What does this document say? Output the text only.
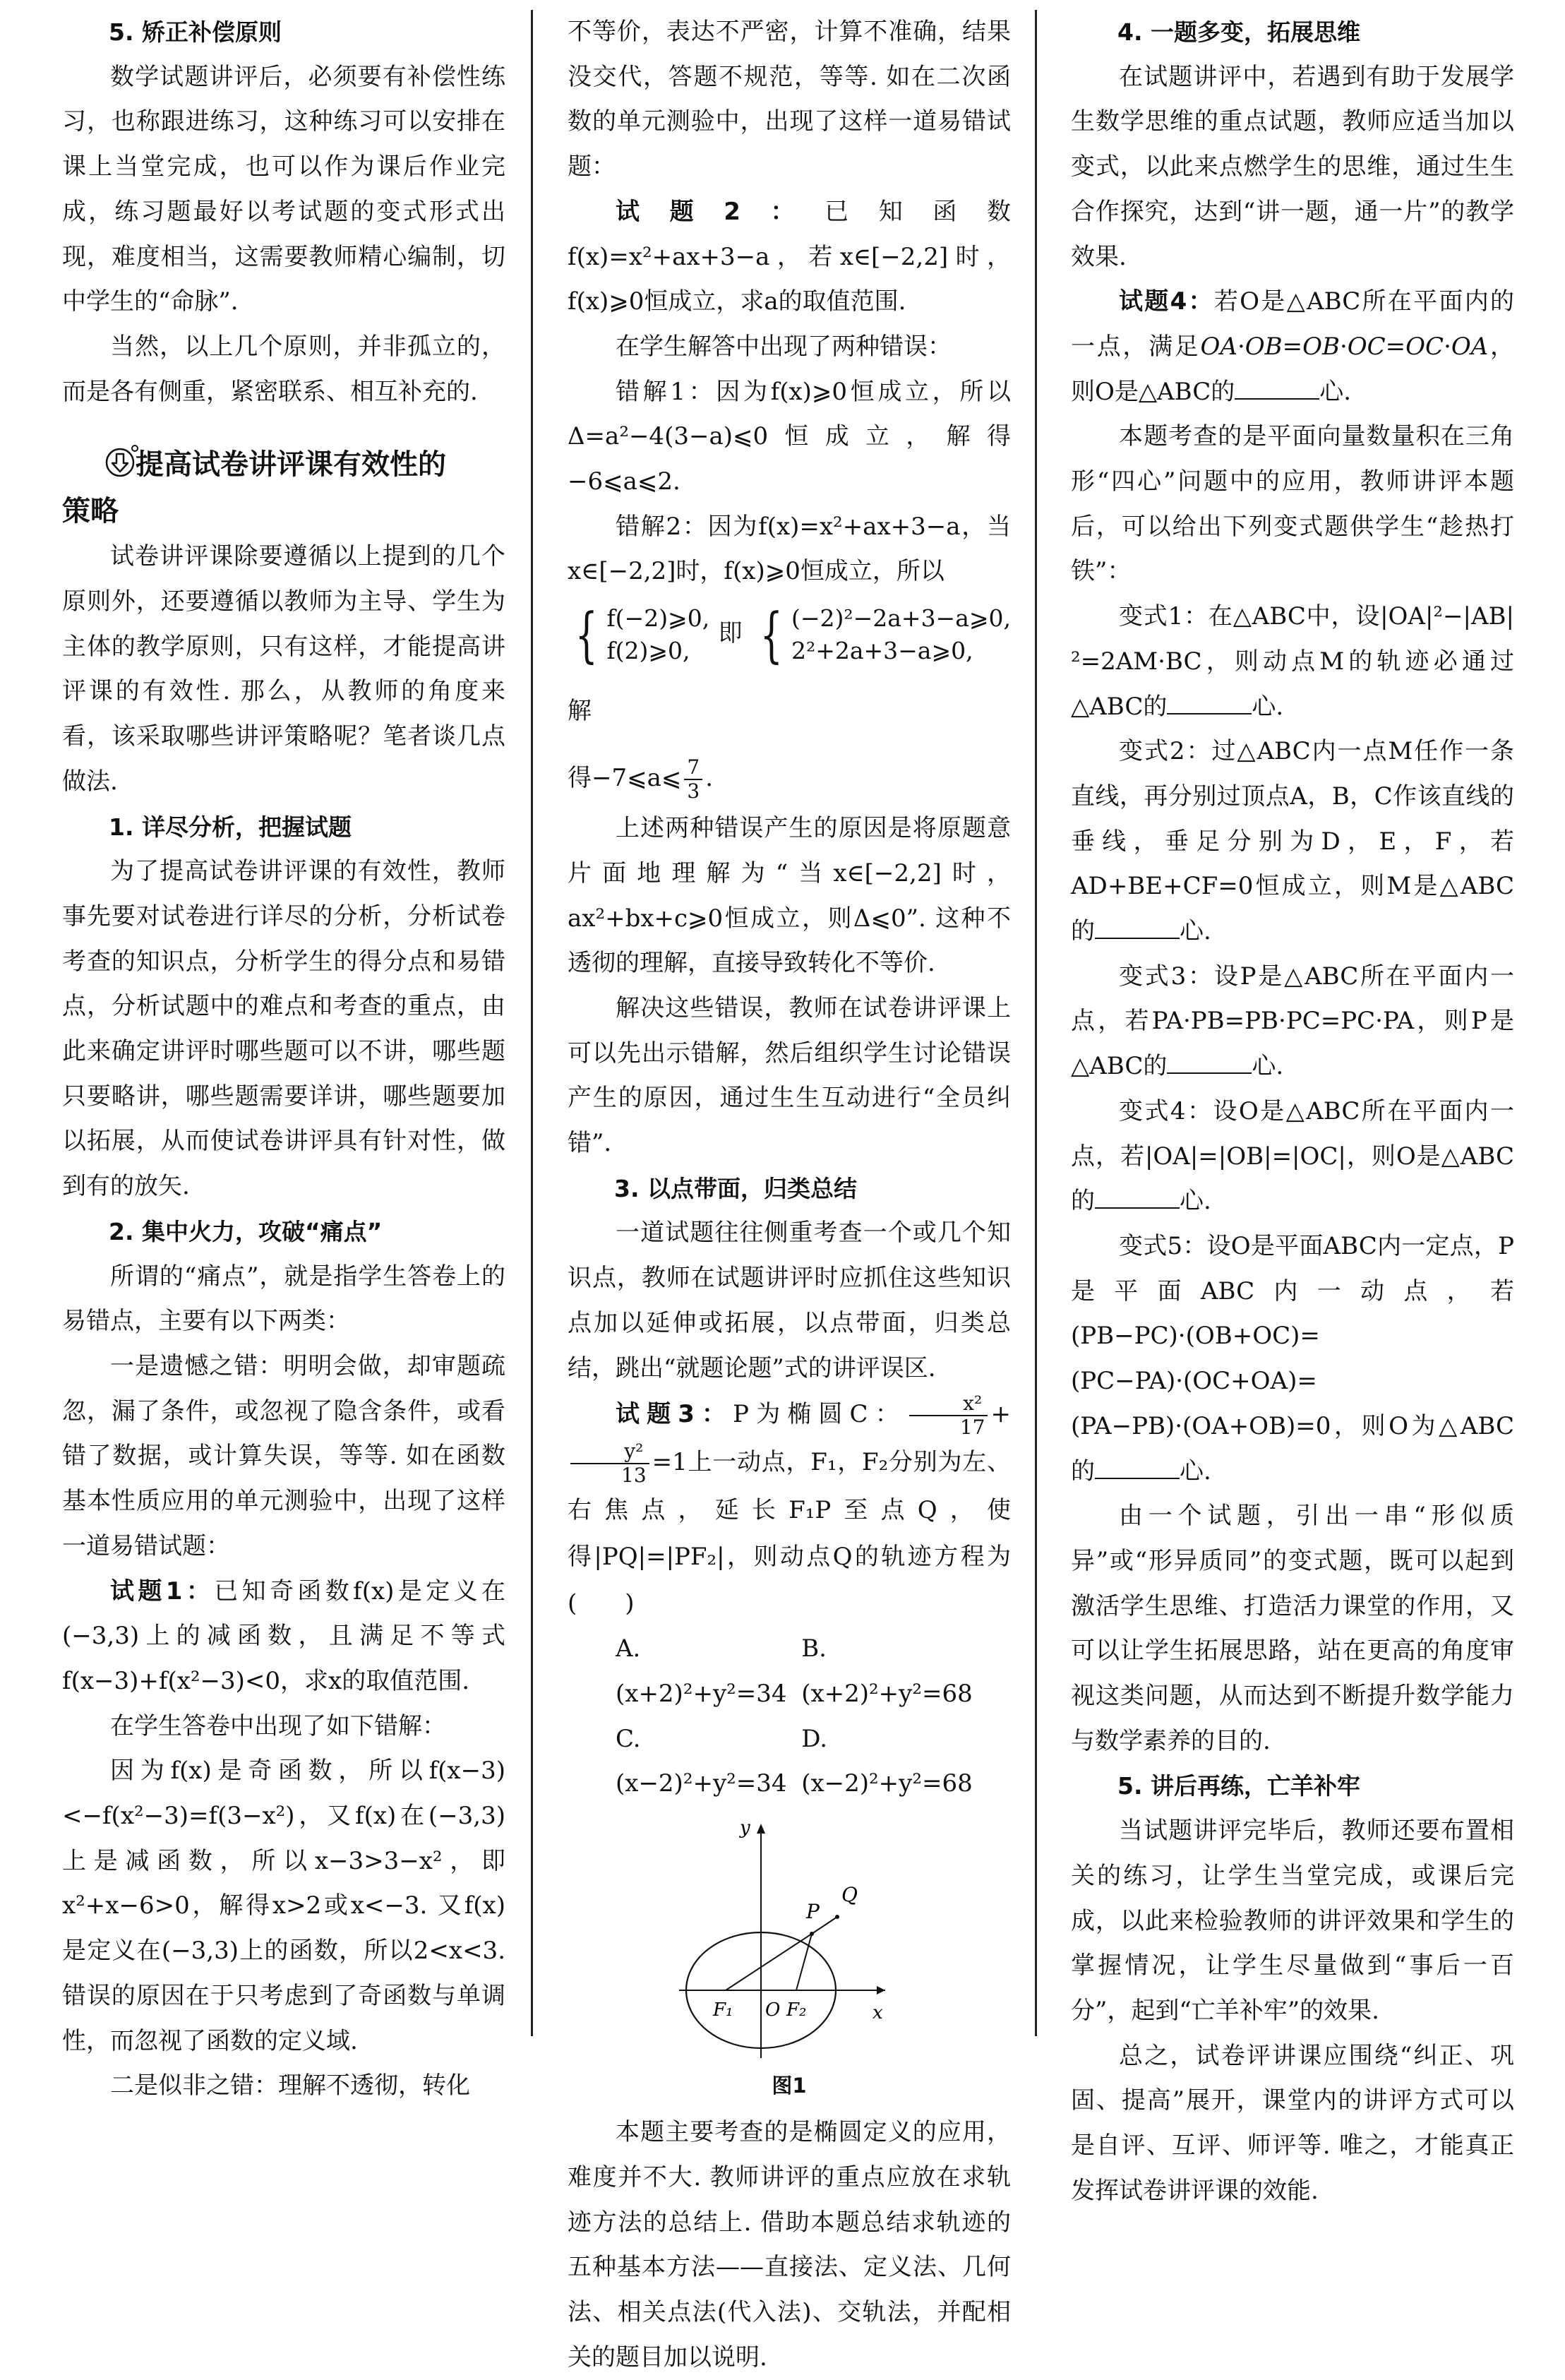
5. 矫正补偿原则

数学试题讲评后，必须要有补偿性练习，也称跟进练习，这种练习可以安排在课上当堂完成，也可以作为课后作业完成，练习题最好以考试题的变式形式出现，难度相当，这需要教师精心编制，切中学生的“命脉”.

当然，以上几个原则，并非孤立的，而是各有侧重，紧密联系、相互补充的.

提高试卷讲评课有效性的
策略

试卷讲评课除要遵循以上提到的几个原则外，还要遵循以教师为主导、学生为主体的教学原则，只有这样，才能提高讲评课的有效性. 那么，从教师的角度来看，该采取哪些讲评策略呢？笔者谈几点做法.

1. 详尽分析，把握试题

为了提高试卷讲评课的有效性，教师事先要对试卷进行详尽的分析，分析试卷考查的知识点，分析学生的得分点和易错点，分析试题中的难点和考查的重点，由此来确定讲评时哪些题可以不讲，哪些题只要略讲，哪些题需要详讲，哪些题要加以拓展，从而使试卷讲评具有针对性，做到有的放矢.

2. 集中火力，攻破“痛点”

所谓的“痛点”，就是指学生答卷上的易错点，主要有以下两类：

一是遗憾之错：明明会做，却审题疏忽，漏了条件，或忽视了隐含条件，或看错了数据，或计算失误，等等. 如在函数基本性质应用的单元测验中，出现了这样一道易错试题：

试题1：已知奇函数f(x)是定义在(−3,3)上的减函数，且满足不等式f(x−3)+f(x²−3)<0，求x的取值范围.

在学生答卷中出现了如下错解：

因为f(x)是奇函数，所以f(x−3)<−f(x²−3)=f(3−x²)，又f(x)在(−3,3)上是减函数，所以x−3>3−x²，即x²+x−6>0，解得x>2或x<−3. 又f(x)是定义在(−3,3)上的函数，所以2<x<3. 错误的原因在于只考虑到了奇函数与单调性，而忽视了函数的定义域.

二是似非之错：理解不透彻，转化

不等价，表达不严密，计算不准确，结果没交代，答题不规范，等等. 如在二次函数的单元测验中，出现了这样一道易错试题：

试题2：已知函数f(x)=x²+ax+3−a，若x∈[−2,2]时，f(x)⩾0恒成立，求a的取值范围.

在学生解答中出现了两种错误：

错解1：因为f(x)⩾0恒成立，所以Δ=a²−4(3−a)⩽0恒成立，解得−6⩽a⩽2.

错解2：因为f(x)=x²+ax+3−a，当x∈[−2,2]时，f(x)⩾0恒成立，所以

{ f(−2)⩾0,
f(2)⩾0,
即 { (−2)²−2a+3−a⩾0,
2²+2a+3−a⩾0,
解

得−7⩽a⩽ $\frac{7}{3}$ .

上述两种错误产生的原因是将原题意片面地理解为“当x∈[−2,2]时，ax²+bx+c⩾0恒成立，则Δ⩽0”. 这种不透彻的理解，直接导致转化不等价.

解决这些错误，教师在试卷讲评课上可以先出示错解，然后组织学生讨论错误产生的原因，通过生生互动进行“全员纠错”.

3. 以点带面，归类总结

一道试题往往侧重考查一个或几个知识点，教师在试题讲评时应抓住这些知识点加以延伸或拓展，以点带面，归类总结，跳出“就题论题”式的讲评误区.

试题3：P为椭圆C： $\frac{\text{x²}}{17}$ +
$\frac{\text{y²}}{13} =1$上一动点，F₁，F₂分别为左、右焦点，延长F₁P至点Q，使得|PQ|=|PF₂|，则动点Q的轨迹方程为(　　)

A. (x+2)²+y²=34B. (x+2)²+y²=68
C. (x−2)²+y²=34D. (x−2)²+y²=68
y
x
P
Q
O
F₁	F₂
图1

本题主要考查的是椭圆定义的应用，难度并不大. 教师讲评的重点应放在求轨迹方法的总结上. 借助本题总结求轨迹的五种基本方法——直接法、定义法、几何法、相关点法(代入法)、交轨法，并配相关的题目加以说明.

4. 一题多变，拓展思维

在试题讲评中，若遇到有助于发展学生数学思维的重点试题，教师应适当加以变式，以此来点燃学生的思维，通过生生合作探究，达到“讲一题，通一片”的教学效果.

试题4：若O是△ABC所在平面内的一点，满足OA·OB=OB·OC=OC·OA，则O是△ABC的	心.

本题考查的是平面向量数量积在三角形“四心”问题中的应用，教师讲评本题后，可以给出下列变式题供学生“趁热打铁”：

变式1：在△ABC中，设|OA|²−|AB|²=2AM·BC，则动点M的轨迹必通过△ABC的	心.

变式2：过△ABC内一点M任作一条直线，再分别过顶点A，B，C作该直线的垂线，垂足分别为D，E，F，若AD+BE+CF=0恒成立，则M是△ABC的	心.

变式3：设P是△ABC所在平面内一点，若PA·PB=PB·PC=PC·PA，则P是△ABC的	心.

变式4：设O是△ABC所在平面内一点，若|OA|=|OB|=|OC|，则O是△ABC的	心.

变式5：设O是平面ABC内一定点，P是平面ABC内一动点，若(PB−PC)·(OB+OC)=(PC−PA)·(OC+OA)=(PA−PB)·(OA+OB)=0，则O为△ABC的	心.

由一个试题，引出一串“形似质异”或“形异质同”的变式题，既可以起到激活学生思维、打造活力课堂的作用，又可以让学生拓展思路，站在更高的角度审视这类问题，从而达到不断提升数学能力与数学素养的目的.

5. 讲后再练，亡羊补牢

当试题讲评完毕后，教师还要布置相关的练习，让学生当堂完成，或课后完成，以此来检验教师的讲评效果和学生的掌握情况，让学生尽量做到“事后一百分”，起到“亡羊补牢”的效果.

总之，试卷评讲课应围绕“纠正、巩固、提高”展开，课堂内的讲评方式可以是自评、互评、师评等. 唯之，才能真正发挥试卷讲评课的效能.
